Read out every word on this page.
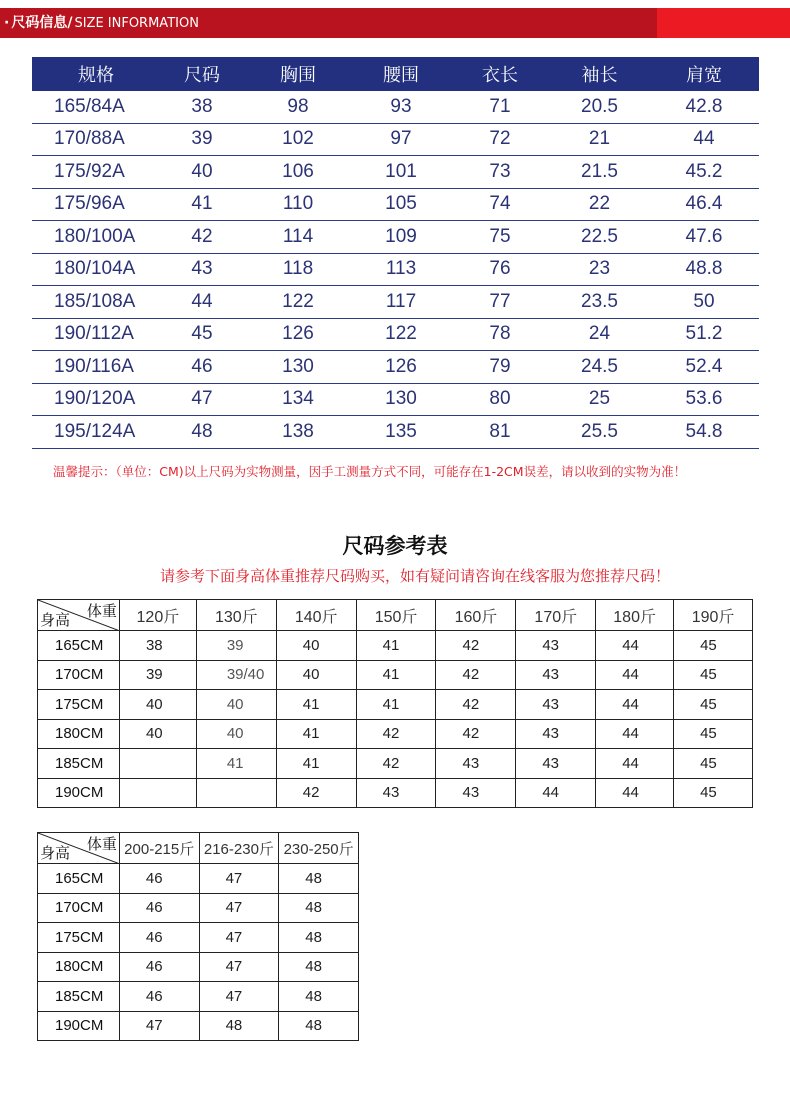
· 尺码信息/ SIZE INFORMATION
规格	尺码	胸围	腰围	衣长	袖长	肩宽
165/84A	38	98	93	71	20.5	42.8
170/88A	39	102	97	72	21	44
175/92A	40	106	101	73	21.5	45.2
175/96A	41	110	105	74	22	46.4
180/100A	42	114	109	75	22.5	47.6
180/104A	43	118	113	76	23	48.8
185/108A	44	122	117	77	23.5	50
190/112A	45	126	122	78	24	51.2
190/116A	46	130	126	79	24.5	52.4
190/120A	47	134	130	80	25	53.6
195/124A	48	138	135	81	25.5	54.8
温馨提示：（单位：CM)以上尺码为实物测量，因手工测量方式不同，可能存在1-2CM误差，请以收到的实物为准！
尺码参考表
请参考下面身高体重推荐尺码购买，如有疑问请咨询在线客服为您推荐尺码！
体重
身高	120斤	130斤	140斤	150斤	160斤	170斤	180斤	190斤
165CM	38	39	40	41	42	43	44	45
170CM	39	39/40	40	41	42	43	44	45
175CM	40	40	41	41	42	43	44	45
180CM	40	40	41	42	42	43	44	45
185CM		41	41	42	43	43	44	45
190CM			42	43	43	44	44	45
体重
身高	200-215斤	216-230斤	230-250斤
165CM	46	47	48
170CM	46	47	48
175CM	46	47	48
180CM	46	47	48
185CM	46	47	48
190CM	47	48	48
